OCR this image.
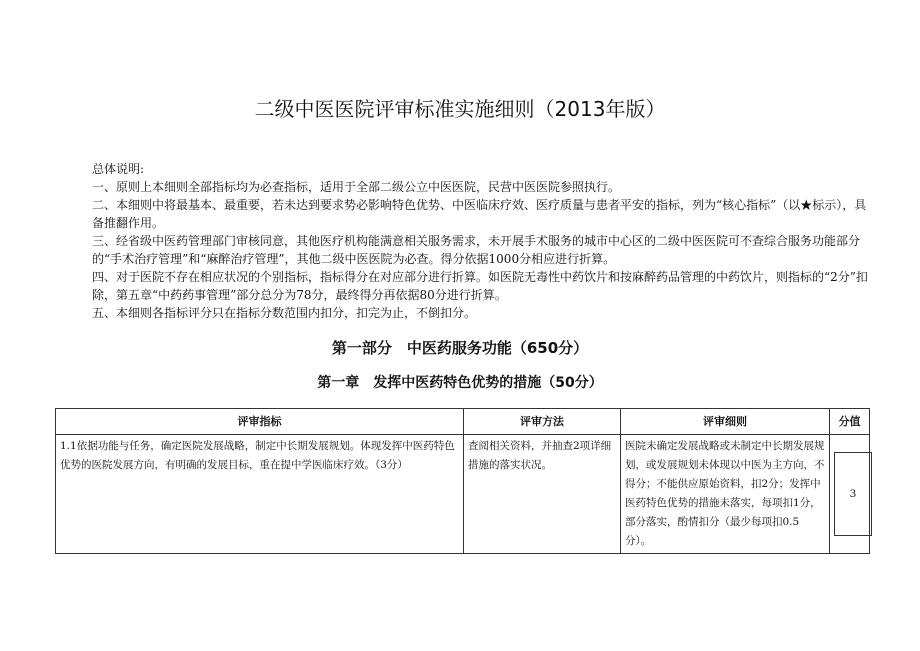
二级中医医院评审标准实施细则（2013年版）

总体说明:

一、原则上本细则全部指标均为必查指标，适用于全部二级公立中医医院，民营中医医院参照执行。

二、本细则中将最基本、最重要，若未达到要求势必影响特色优势、中医临床疗效、医疗质量与患者平安的指标，列为“核心指标”（以★标示），具备推翻作用。

三、经省级中医药管理部门审核同意，其他医疗机构能满意相关服务需求，未开展手术服务的城市中心区的二级中医医院可不查综合服务功能部分的“手术治疗管理”和“麻醉治疗管理”，其他二级中医医院为必查。得分依据1000分相应进行折算。

四、对于医院不存在相应状况的个别指标，指标得分在对应部分进行折算。如医院无毒性中药饮片和按麻醉药品管理的中药饮片，则指标的“2分”扣除，第五章“中药药事管理”部分总分为78分，最终得分再依据80分进行折算。

五、本细则各指标评分只在指标分数范围内扣分，扣完为止，不倒扣分。

第一部分　中医药服务功能（650分）
第一章　发挥中医药特色优势的措施（50分）
评审指标	评审方法	评审细则	分值
1.1依据功能与任务，确定医院发展战略，制定中长期发展规划。体现发挥中医药特色优势的医院发展方向，有明确的发展目标，重在提中学医临床疗效。（3分）	查阅相关资料，并抽查2项详细措施的落实状况。	医院未确定发展战略或未制定中长期发展规划，或发展规划未体现以中医为主方向，不得分；不能供应原始资料，扣2分；发挥中医药特色优势的措施未落实，每项扣1分，部分落实，酌情扣分（最少每项扣0.5分）。	3
